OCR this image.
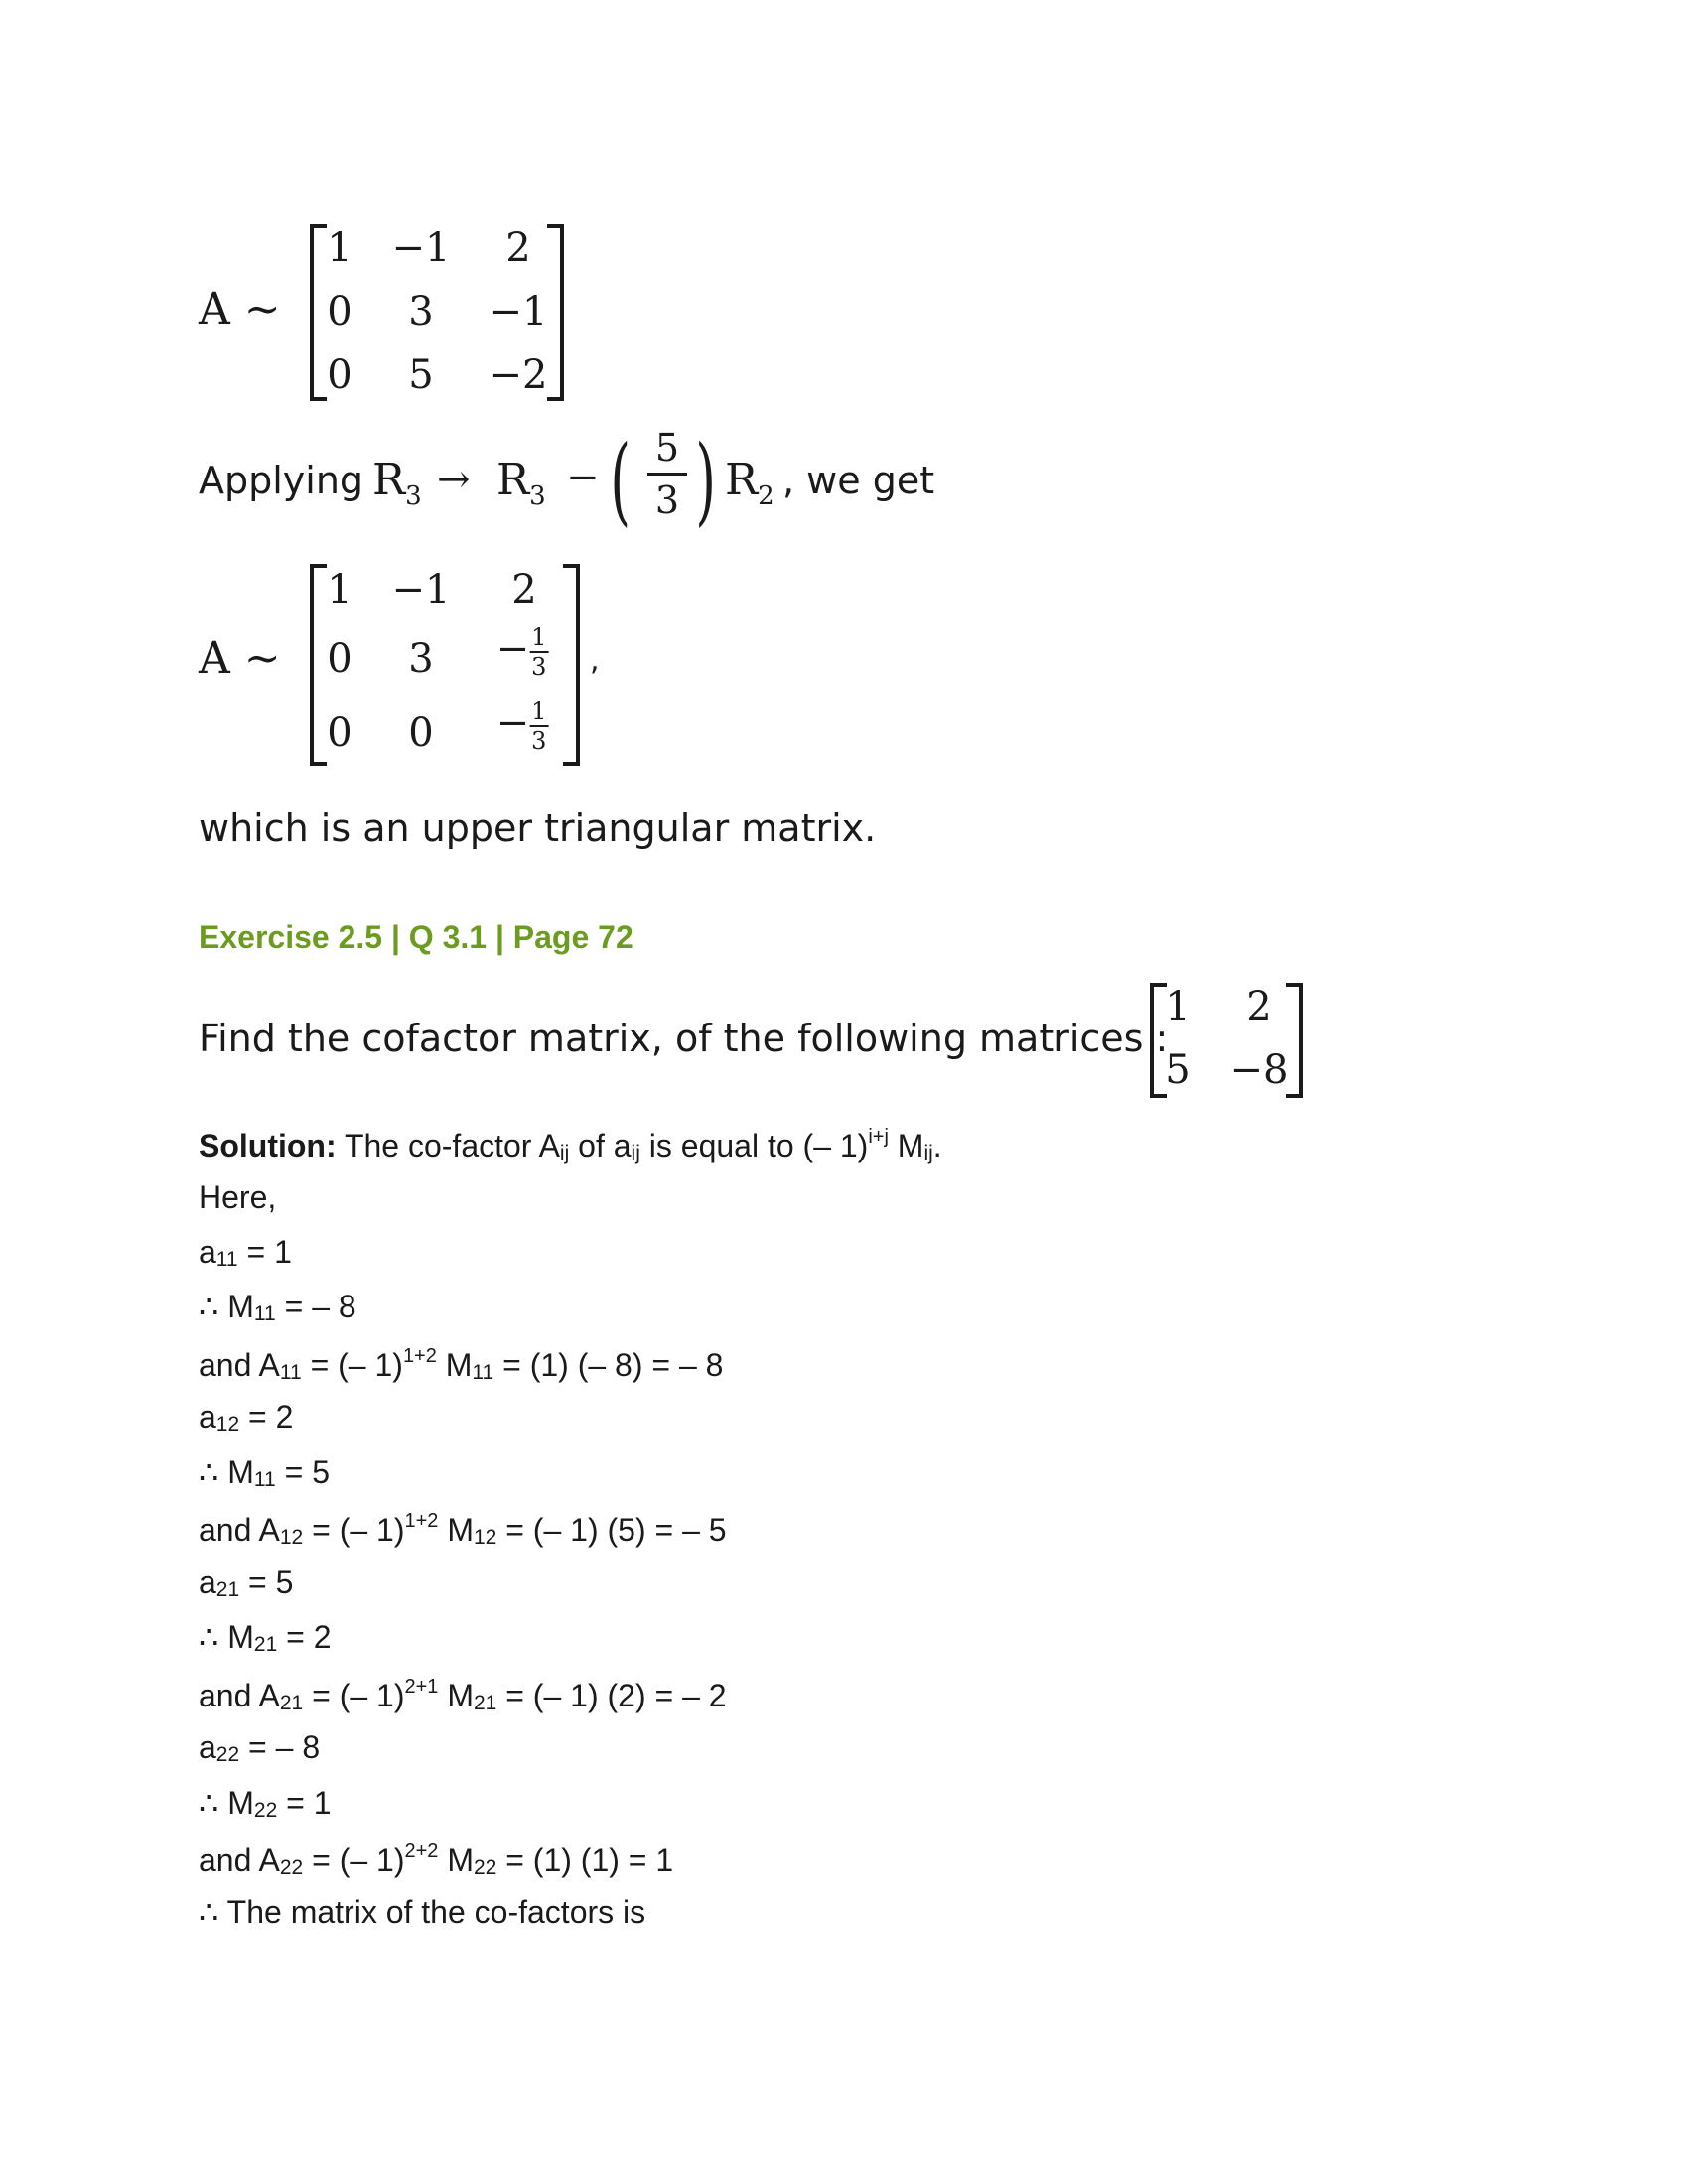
A ~
1 −1 2
0 3 −1
0 5 −2
Applying $R_3 \to R_3$ − ( 5
3 ) $R_2$ , we get
A ~
1 −1 2
0 $3 - \frac{1}{3}$
0 $0 - \frac{1}{3}$
,
which is an upper triangular matrix.
Exercise 2.5 | Q 3.1 | Page 72
Find the cofactor matrix, of the following matrices :
1 2
5 −8
Solution: The co-factor $A_{ij}$ of $a_{ij}$ is equal to (– 1)$^{i+j}$ $M_{ij}$.
Here,
$a_{11} = 1$
∴ $M_{11}$ = – 8
and $A_{11}$ = (– 1)$^{1+2}$ $M_{11} = (1)$ (– 8) = – 8
$a_{12} = 2$
∴ $M_{11} = 5$
and $A_{12}$ = (– 1)$^{1+2}$ $M_{12}$ = (– 1) (5) = – 5
$a_{21} = 5$
∴ $M_{21} = 2$
and $A_{21}$ = (– 1)$^{2+1}$ $M_{21}$ = (– 1) (2) = – 2
$a_{22}$ = – 8
∴ $M_{22} = 1$
and $A_{22}$ = (– 1)$^{2+2}$ $M_{22} = (1) (1) = 1$
∴ The matrix of the co-factors is
